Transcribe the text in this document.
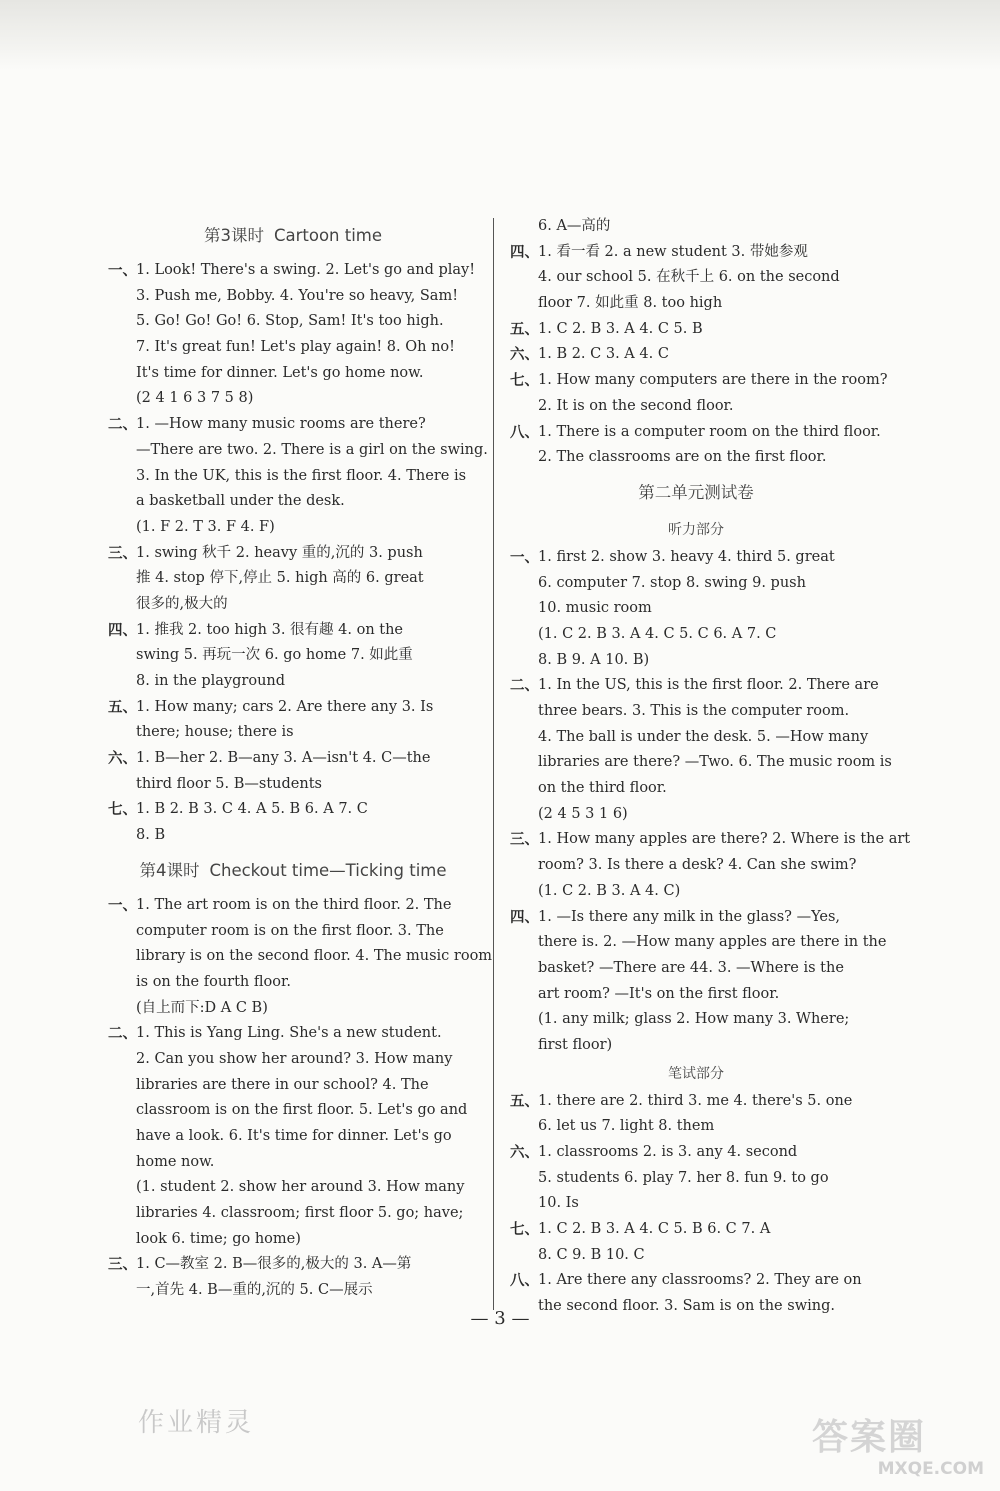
第3课时 Cartoon time
一、 1. Look! There's a swing. 2. Let's go and play!
3. Push me, Bobby. 4. You're so heavy, Sam!
5. Go! Go! Go! 6. Stop, Sam! It's too high.
7. It's great fun! Let's play again! 8. Oh no!
It's time for dinner. Let's go home now.
(2 4 1 6 3 7 5 8)
二、 1. —How many music rooms are there?
—There are two. 2. There is a girl on the swing.
3. In the UK, this is the first floor. 4. There is
a basketball under the desk.
(1. F 2. T 3. F 4. F)
三、 1. swing 秋千 2. heavy 重的,沉的 3. push
推 4. stop 停下,停止 5. high 高的 6. great
很多的,极大的
四、 1. 推我 2. too high 3. 很有趣 4. on the
swing 5. 再玩一次 6. go home 7. 如此重
8. in the playground
五、 1. How many; cars 2. Are there any 3. Is
there; house; there is
六、 1. B—her 2. B—any 3. A—isn't 4. C—the
third floor 5. B—students
七、 1. B 2. B 3. C 4. A 5. B 6. A 7. C
8. B
第4课时 Checkout time—Ticking time
一、 1. The art room is on the third floor. 2. The
computer room is on the first floor. 3. The
library is on the second floor. 4. The music room
is on the fourth floor.
(自上而下:D A C B)
二、 1. This is Yang Ling. She's a new student.
2. Can you show her around? 3. How many
libraries are there in our school? 4. The
classroom is on the first floor. 5. Let's go and
have a look. 6. It's time for dinner. Let's go
home now.
(1. student 2. show her around 3. How many
libraries 4. classroom; first floor 5. go; have;
look 6. time; go home)
三、 1. C—教室 2. B—很多的,极大的 3. A—第
一,首先 4. B—重的,沉的 5. C—展示
6. A—高的
四、 1. 看一看 2. a new student 3. 带她参观
4. our school 5. 在秋千上 6. on the second
floor 7. 如此重 8. too high
五、 1. C 2. B 3. A 4. C 5. B
六、 1. B 2. C 3. A 4. C
七、 1. How many computers are there in the room?
2. It is on the second floor.
八、 1. There is a computer room on the third floor.
2. The classrooms are on the first floor.
第二单元测试卷
听力部分
一、 1. first 2. show 3. heavy 4. third 5. great
6. computer 7. stop 8. swing 9. push
10. music room
(1. C 2. B 3. A 4. C 5. C 6. A 7. C
8. B 9. A 10. B)
二、 1. In the US, this is the first floor. 2. There are
three bears. 3. This is the computer room.
4. The ball is under the desk. 5. —How many
libraries are there? —Two. 6. The music room is
on the third floor.
(2 4 5 3 1 6)
三、 1. How many apples are there? 2. Where is the art
room? 3. Is there a desk? 4. Can she swim?
(1. C 2. B 3. A 4. C)
四、 1. —Is there any milk in the glass? —Yes,
there is. 2. —How many apples are there in the
basket? —There are 44. 3. —Where is the
art room? —It's on the first floor.
(1. any milk; glass 2. How many 3. Where;
first floor)
笔试部分
五、 1. there are 2. third 3. me 4. there's 5. one
6. let us 7. light 8. them
六、 1. classrooms 2. is 3. any 4. second
5. students 6. play 7. her 8. fun 9. to go
10. Is
七、 1. C 2. B 3. A 4. C 5. B 6. C 7. A
8. C 9. B 10. C
八、 1. Are there any classrooms? 2. They are on
the second floor. 3. Sam is on the swing.
— 3 —
作业精灵	答案圈
MXQE.COM
